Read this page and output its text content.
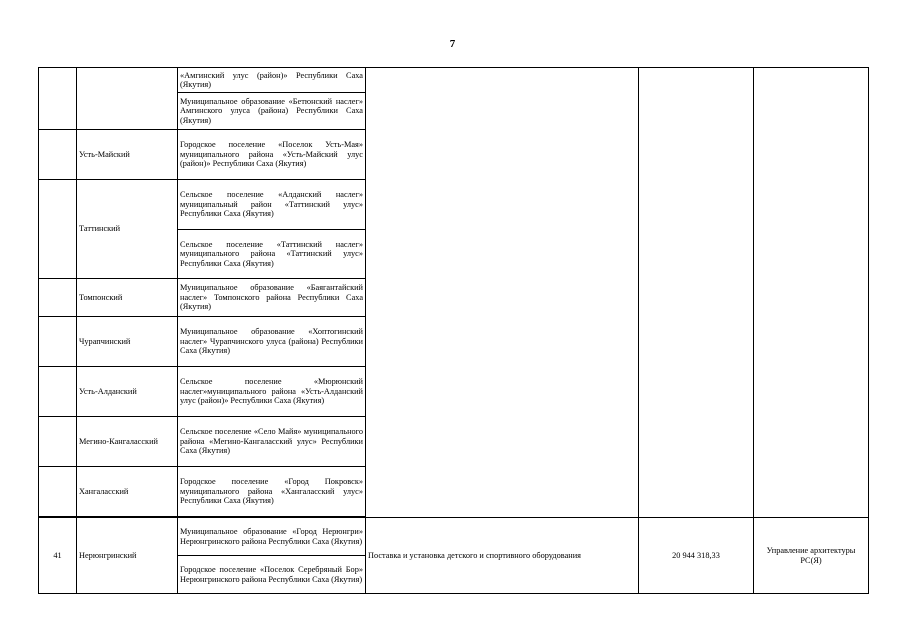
7
		«Амгинский улус (район)» Республики Саха (Якутия)			
		Муниципальное образование «Бетюнский наслег» Амгинского улуса (района) Республики Саха (Якутия)			
	Усть-Майский	Городское поселение «Поселок Усть-Мая» муниципального района «Усть-Майский улус (район)» Республики Саха (Якутия)			
	Таттинский	Сельское поселение «Алданский наслег» муниципальный район «Таттинский улус» Республики Саха (Якутия)			
		Сельское поселение «Таттинский наслег» муниципального района «Таттинский улус» Республики Саха (Якутия)			
	Томпонский	Муниципальное образование «Баягантайский наслег» Томпонского района Республики Саха (Якутия)			
	Чурапчинский	Муниципальное образование «Хоптогинский наслег» Чурапчинского улуса (района) Республики Саха (Якутия)			
	Усть-Алданский	Сельское поселение «Мюрюнский наслег»муниципального района «Усть-Алданский улус (район)» Республики Саха (Якутия)			
	Мегино-Кангаласский	Сельское поселение «Село Майя» муниципального района «Мегино-Кангаласский улус» Республики Саха (Якутия)			
	Хангаласский	Городское поселение «Город Покровск» муниципального района «Хангаласский улус» Республики Саха (Якутия)			

41	Нерюнгринский	Муниципальное образование «Город Нерюнгри» Нерюнгринского района Республики Саха (Якутия)	Поставка и установка детского и спортивного оборудования	20 944 318,33	Управление архитектуры РС(Я)
		Городское поселение «Поселок Серебряный Бор» Нерюнгринского района Республики Саха (Якутия)			
